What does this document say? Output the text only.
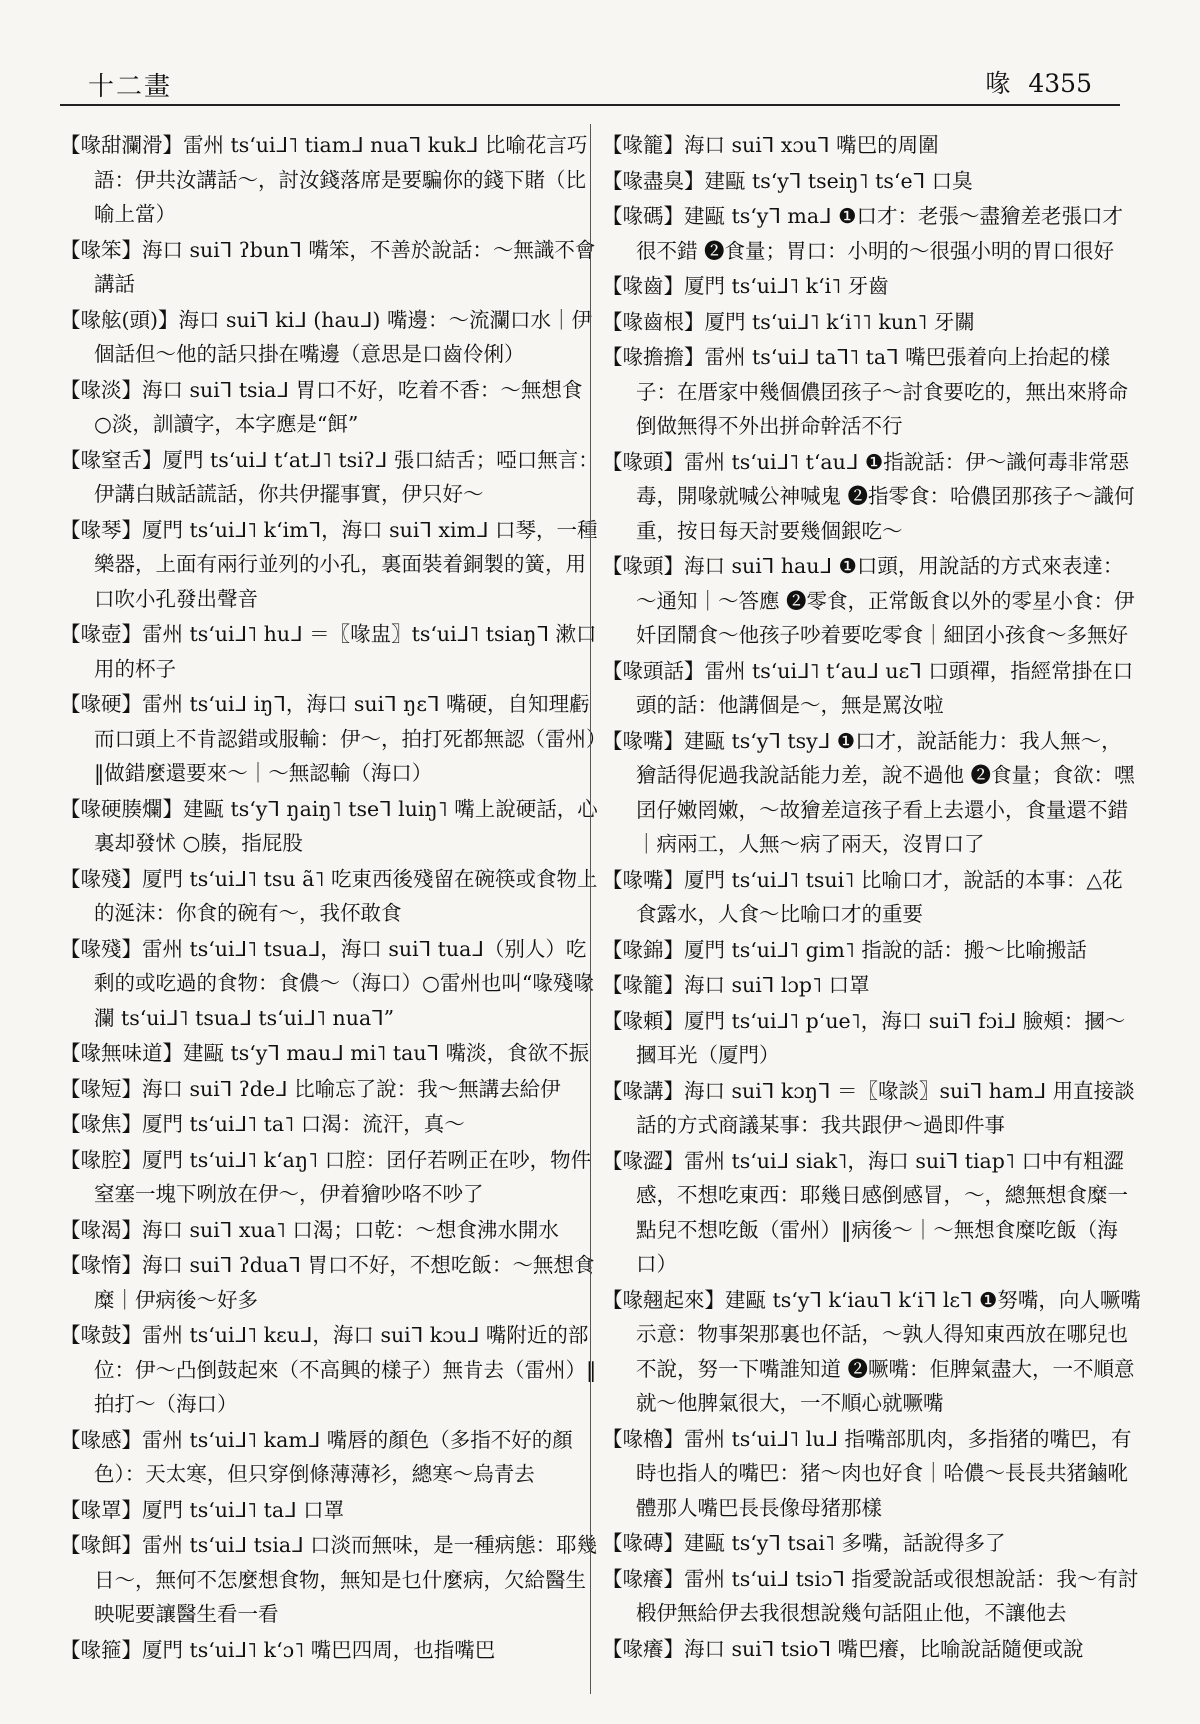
十二畫	喙 4355

【喙甜瀾滑】雷州 tsʻuiᒧ˥ tiamᒧ nuaᒣ kukᒧ 比喻花言巧語：伊共汝講話～，討汝錢落席是要騙你的錢下賭（比喻上當）

【喙笨】海口 suiᒣ ʔbunᒣ 嘴笨，不善於說話：～無識不會講話

【喙舷(頭)】海口 suiᒣ kiᒧ (hauᒧ) 嘴邊：～流瀾口水｜伊個話但～他的話只掛在嘴邊（意思是口齒伶俐）

【喙淡】海口 suiᒣ tsiaᒧ 胃口不好，吃着不香：～無想食 ○淡，訓讀字，本字應是“餌”

【喙窒舌】厦門 tsʻuiᒧ tʻatᒧ˥ tsiʔᒧ 張口結舌；啞口無言：伊講白賊話謊話，你共伊擺事實，伊只好～

【喙琴】厦門 tsʻuiᒧ˥ kʻimᒣ，海口 suiᒣ ximᒧ 口琴，一種樂器，上面有兩行並列的小孔，裏面裝着銅製的簧，用口吹小孔發出聲音

【喙壺】雷州 tsʻuiᒧ˥ huᒧ ＝〖喙盅〗tsʻuiᒧ˥ tsiaŋᒣ 漱口用的杯子

【喙硬】雷州 tsʻuiᒧ iŋᒣ，海口 suiᒣ ŋɛᒣ 嘴硬，自知理虧而口頭上不肯認錯或服輸：伊～，拍打死都無認（雷州）‖做錯麼還要來～｜～無認輸（海口）

【喙硬腠爛】建甌 tsʻyᒣ ŋaiŋ˥ tseᒣ luiŋ˥ 嘴上說硬話，心裏却發怵 ○腠，指屁股

【喙殘】厦門 tsʻuiᒧ˥ tsu ã˥ 吃東西後殘留在碗筷或食物上的涎沫：你食的碗有～，我伓敢食

【喙殘】雷州 tsʻuiᒧ˥ tsuaᒧ，海口 suiᒣ tuaᒧ（别人）吃剩的或吃過的食物：食儂～（海口）○雷州也叫“喙殘喙瀾 tsʻuiᒧ˥ tsuaᒧ tsʻuiᒧ˥ nuaᒣ”

【喙無味道】建甌 tsʻyᒣ mauᒧ mi˥ tauᒣ 嘴淡，食欲不振

【喙短】海口 suiᒣ ʔdeᒧ 比喻忘了說：我～無講去給伊

【喙焦】厦門 tsʻuiᒧ˥ ta˥ 口渴：流汗，真～

【喙腔】厦門 tsʻuiᒧ˥ kʻaŋ˥ 口腔：囝仔若咧正在吵，物件窒塞一塊下咧放在伊～，伊着獪吵咯不吵了

【喙渴】海口 suiᒣ xua˥ 口渴；口乾：～想食沸水開水

【喙惰】海口 suiᒣ ʔduaᒣ 胃口不好，不想吃飯：～無想食糜｜伊病後～好多

【喙鼓】雷州 tsʻuiᒧ˥ kɛuᒧ，海口 suiᒣ kɔuᒧ 嘴附近的部位：伊～凸倒鼓起來（不高興的樣子）無肯去（雷州）‖拍打～（海口）

【喙感】雷州 tsʻuiᒧ˥ kamᒧ 嘴唇的顏色（多指不好的顏色）：天太寒，但只穿倒條薄薄衫，總寒～烏青去

【喙罩】厦門 tsʻuiᒧ˥ taᒧ 口罩

【喙餌】雷州 tsʻuiᒧ tsiaᒧ 口淡而無味，是一種病態：耶幾日～，無何不怎麼想食物，無知是乜什麼病，欠給醫生映呢要讓醫生看一看

【喙箍】厦門 tsʻuiᒧ˥ kʻɔ˥ 嘴巴四周，也指嘴巴

【喙籠】海口 suiᒣ xɔuᒣ 嘴巴的周圍

【喙盡臭】建甌 tsʻyᒣ tseiŋ˥ tsʻeᒣ 口臭

【喙碼】建甌 tsʻyᒣ maᒧ ❶口才：老張～盡獪差老張口才很不錯 ❷食量；胃口：小明的～很强小明的胃口很好

【喙齒】厦門 tsʻuiᒧ˥ kʻi˥ 牙齒

【喙齒根】厦門 tsʻuiᒧ˥ kʻi˥˥ kun˥ 牙關

【喙擔擔】雷州 tsʻuiᒧ taᒣ˥ taᒣ 嘴巴張着向上抬起的樣子：在厝家中幾個儂囝孩子～討食要吃的，無出來將命倒做無得不外出拼命幹活不行

【喙頭】雷州 tsʻuiᒧ˥ tʻauᒧ ❶指說話：伊～識何毒非常惡毒，開喙就喊公神喊鬼 ❷指零食：哈儂囝那孩子～識何重，按日每天討要幾個銀吃～

【喙頭】海口 suiᒣ hauᒧ ❶口頭，用說話的方式來表達：～通知｜～答應 ❷零食，正常飯食以外的零星小食：伊奷囝鬧食～他孩子吵着要吃零食｜細囝小孩食～多無好

【喙頭話】雷州 tsʻuiᒧ˥ tʻauᒧ uɛᒣ 口頭禪，指經常掛在口頭的話：他講個是～，無是罵汝啦

【喙嘴】建甌 tsʻyᒣ tsyᒧ ❶口才，說話能力：我人無～，獪話得伲過我說話能力差，說不過他 ❷食量；食欲：嘿囝仔嫩罔嫩，～故獪差這孩子看上去還小，食量還不錯｜病兩工，人無～病了兩天，沒胃口了

【喙嘴】厦門 tsʻuiᒧ˥ tsui˥ 比喻口才，說話的本事：△花食露水，人食～比喻口才的重要

【喙錦】厦門 tsʻuiᒧ˥ gim˥ 指說的話：搬～比喻搬話

【喙籠】海口 suiᒣ lɔp˥ 口罩

【喙頼】厦門 tsʻuiᒧ˥ pʻue˥，海口 suiᒣ fɔiᒧ 臉頰：摑～摑耳光（厦門）

【喙講】海口 suiᒣ kɔŋᒣ ＝〖喙談〗suiᒣ hamᒧ 用直接談話的方式商議某事：我共跟伊～過即件事

【喙澀】雷州 tsʻuiᒧ siak˥，海口 suiᒣ tiap˥ 口中有粗澀感，不想吃東西：耶幾日感倒感冒，～，總無想食糜一點兒不想吃飯（雷州）‖病後～｜～無想食糜吃飯（海口）

【喙翹起來】建甌 tsʻyᒣ kʻiauᒣ kʻiᒣ lɛᒣ ❶努嘴，向人噘嘴示意：物事架那裏也伓話，～孰人得知東西放在哪兒也不說，努一下嘴誰知道 ❷噘嘴：佢脾氣盡大，一不順意就～他脾氣很大，一不順心就噘嘴

【喙櫓】雷州 tsʻuiᒧ˥ luᒧ 指嘴部肌肉，多指猪的嘴巴，有時也指人的嘴巴：猪～肉也好食｜哈儂～長長共猪鏀吪體那人嘴巴長長像母猪那樣

【喙磚】建甌 tsʻyᒣ tsai˥ 多嘴，話說得多了

【喙癢】雷州 tsʻuiᒧ tsiɔᒣ 指愛說話或很想說話：我～有討椴伊無給伊去我很想說幾句話阻止他，不讓他去

【喙癢】海口 suiᒣ tsioᒣ 嘴巴癢，比喻說話隨便或說
